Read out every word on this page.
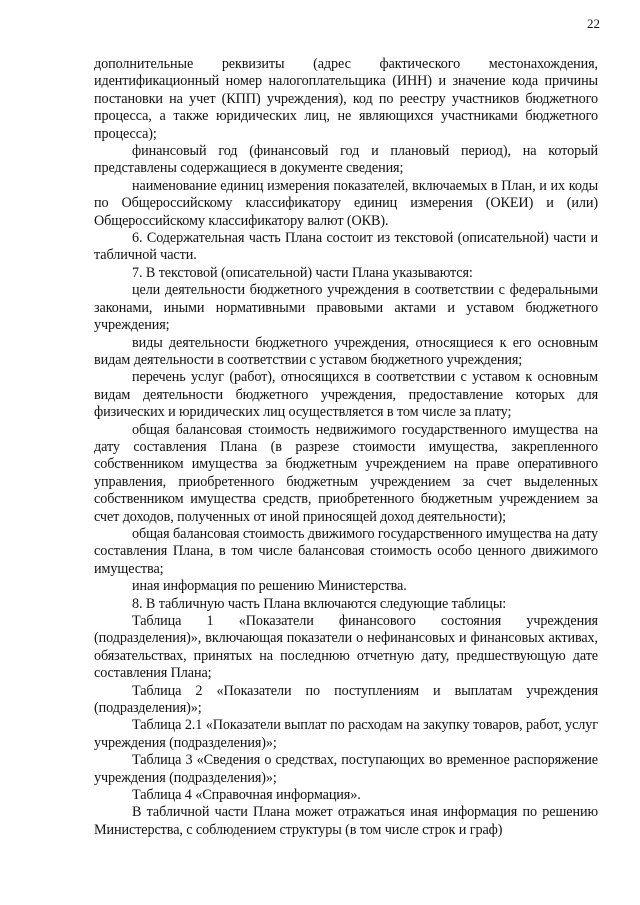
22

дополнительные реквизиты (адрес фактического местонахождения, идентификационный номер налогоплательщика (ИНН) и значение кода причины постановки на учет (КПП) учреждения), код по реестру участников бюджетного процесса, а также юридических лиц, не являющихся участниками бюджетного процесса);

финансовый год (финансовый год и плановый период), на который представлены содержащиеся в документе сведения;

наименование единиц измерения показателей, включаемых в План, и их коды по Общероссийскому классификатору единиц измерения (ОКЕИ) и (или) Общероссийскому классификатору валют (ОКВ).

6. Содержательная часть Плана состоит из текстовой (описательной) части и табличной части.

7. В текстовой (описательной) части Плана указываются:

цели деятельности бюджетного учреждения в соответствии с федеральными законами, иными нормативными правовыми актами и уставом бюджетного учреждения;

виды деятельности бюджетного учреждения, относящиеся к его основным видам деятельности в соответствии с уставом бюджетного учреждения;

перечень услуг (работ), относящихся в соответствии с уставом к основным видам деятельности бюджетного учреждения, предоставление которых для физических и юридических лиц осуществляется в том числе за плату;

общая балансовая стоимость недвижимого государственного имущества на дату составления Плана (в разрезе стоимости имущества, закрепленного собственником имущества за бюджетным учреждением на праве оперативного управления, приобретенного бюджетным учреждением за счет выделенных собственником имущества средств, приобретенного бюджетным учреждением за счет доходов, полученных от иной приносящей доход деятельности);

общая балансовая стоимость движимого государственного имущества на дату составления Плана, в том числе балансовая стоимость особо ценного движимого имущества;

иная информация по решению Министерства.

8. В табличную часть Плана включаются следующие таблицы:

Таблица 1 «Показатели финансового состояния учреждения (подразделения)», включающая показатели о нефинансовых и финансовых активах, обязательствах, принятых на последнюю отчетную дату, предшествующую дате составления Плана;

Таблица 2 «Показатели по поступлениям и выплатам учреждения (подразделения)»;

Таблица 2.1 «Показатели выплат по расходам на закупку товаров, работ, услуг учреждения (подразделения)»;

Таблица 3 «Сведения о средствах, поступающих во временное распоряжение учреждения (подразделения)»;

Таблица 4 «Справочная информация».

В табличной части Плана может отражаться иная информация по решению Министерства, с соблюдением структуры (в том числе строк и граф)
